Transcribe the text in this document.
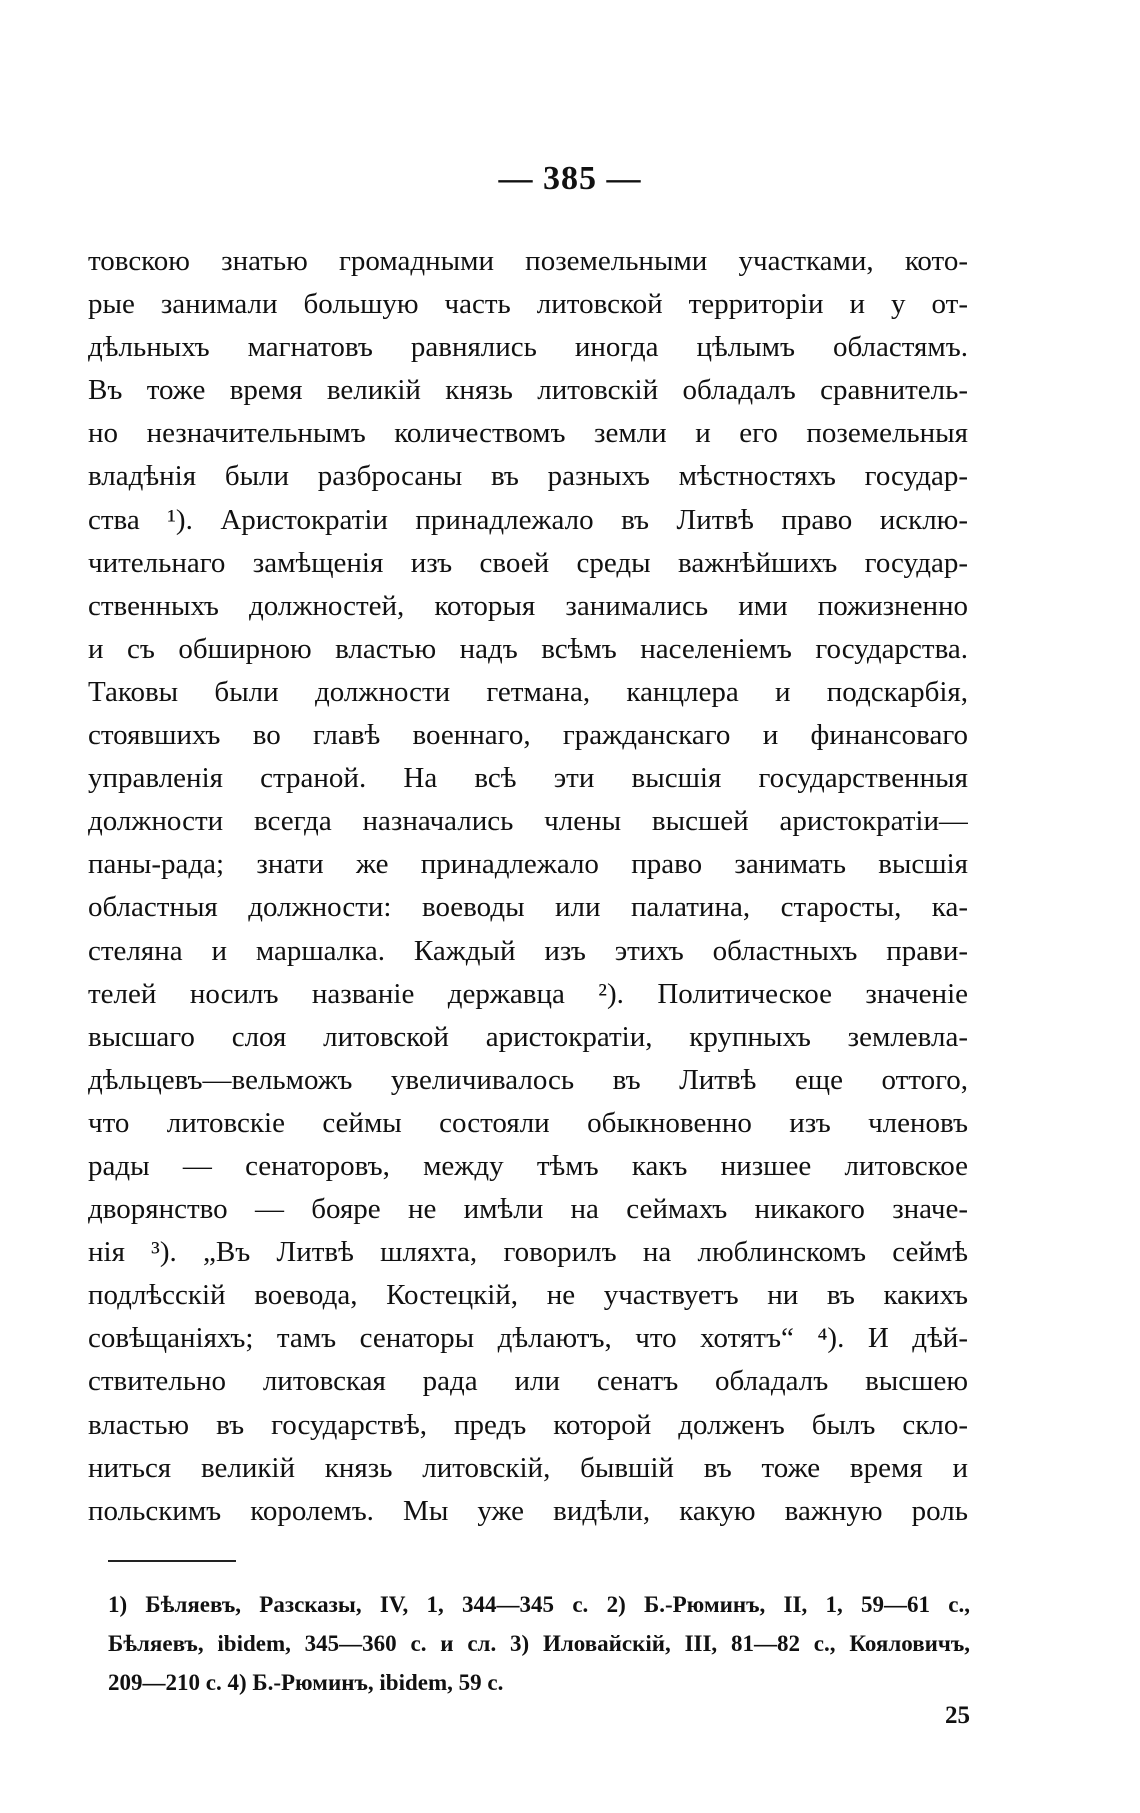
— 385 —
товскою знатью громадными поземельными участками, кото-
рые занимали большую часть литовской территоріи и у от-
дѣльныхъ магнатовъ равнялись иногда цѣлымъ областямъ.
Въ тоже время великій князь литовскій обладалъ сравнитель-
но незначительнымъ количествомъ земли и его поземельныя
владѣнія были разбросаны въ разныхъ мѣстностяхъ государ-
ства ¹). Аристократіи принадлежало въ Литвѣ право исклю-
чительнаго замѣщенія изъ своей среды важнѣйшихъ государ-
ственныхъ должностей, которыя занимались ими пожизненно
и съ обширною властью надъ всѣмъ населеніемъ государства.
Таковы были должности гетмана, канцлера и подскарбія,
стоявшихъ во главѣ военнаго, гражданскаго и финансоваго
управленія страной. На всѣ эти высшія государственныя
должности всегда назначались члены высшей аристократіи—
паны-рада; знати же принадлежало право занимать высшія
областныя должности: воеводы или палатина, старосты, ка-
стеляна и маршалка. Каждый изъ этихъ областныхъ прави-
телей носилъ названіе державца ²). Политическое значеніе
высшаго слоя литовской аристократіи, крупныхъ землевла-
дѣльцевъ—вельможъ увеличивалось въ Литвѣ еще оттого,
что литовскіе сеймы состояли обыкновенно изъ членовъ
рады — сенаторовъ, между тѣмъ какъ низшее литовское
дворянство — бояре не имѣли на сеймахъ никакого значе-
нія ³). „Въ Литвѣ шляхта, говорилъ на люблинскомъ сеймѣ
подлѣсскій воевода, Костецкій, не участвуетъ ни въ какихъ
совѣщаніяхъ; тамъ сенаторы дѣлаютъ, что хотятъ“ ⁴). И дѣй-
ствительно литовская рада или сенатъ обладалъ высшею
властью въ государствѣ, предъ которой долженъ былъ скло-
ниться великій князь литовскій, бывшій въ тоже время и
польскимъ королемъ. Мы уже видѣли, какую важную роль
1) Бѣляевъ, Разсказы, IV, 1, 344—345 с. 2) Б.-Рюминъ, II, 1, 59—61 с.,
Бѣляевъ, ibidem, 345—360 с. и сл. 3) Иловайскій, III, 81—82 с., Кояловичъ,
209—210 с. 4) Б.-Рюминъ, ibidem, 59 с.
25
